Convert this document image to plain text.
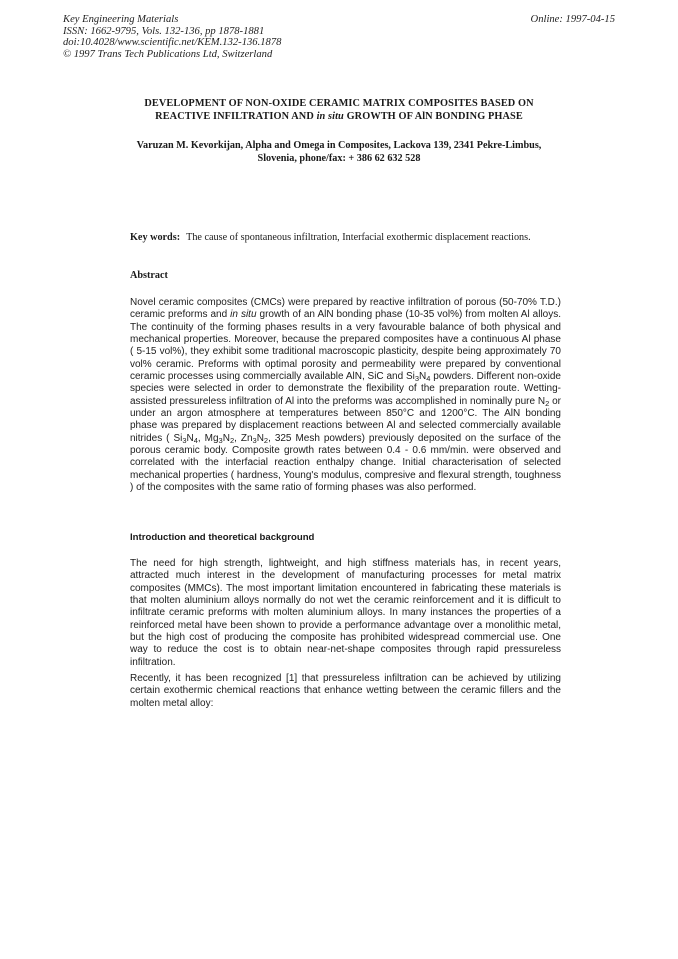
Key Engineering Materials
ISSN: 1662-9795, Vols. 132-136, pp 1878-1881
doi:10.4028/www.scientific.net/KEM.132-136.1878
© 1997 Trans Tech Publications Ltd, Switzerland
Online: 1997-04-15
DEVELOPMENT OF NON-OXIDE CERAMIC MATRIX COMPOSITES BASED ON
REACTIVE INFILTRATION AND in situ GROWTH OF AlN BONDING PHASE
Varuzan M. Kevorkijan, Alpha and Omega in Composites, Lackova 139, 2341 Pekre-Limbus,
Slovenia, phone/fax: + 386 62 632 528
Key words: The cause of spontaneous infiltration, Interfacial exothermic displacement reactions.
Abstract
Novel ceramic composites (CMCs) were prepared by reactive infiltration of porous (50-70% T.D.) ceramic preforms and in situ growth of an AlN bonding phase (10-35 vol%) from molten Al alloys. The continuity of the forming phases results in a very favourable balance of both physical and mechanical properties. Moreover, because the prepared composites have a continuous Al phase ( 5-15 vol%), they exhibit some traditional macroscopic plasticity, despite being approximately 70 vol% ceramic. Preforms with optimal porosity and permeability were prepared by conventional ceramic processes using commercially available AlN, SiC and $Si_3N_4$ powders. Different non-oxide species were selected in order to demonstrate the flexibility of the preparation route. Wetting-assisted pressureless infiltration of Al into the preforms was accomplished in nominally pure $N_2$ or under an argon atmosphere at temperatures between 850°C and 1200°C. The AlN bonding phase was prepared by displacement reactions between Al and selected commercially available nitrides ( $Si_3N_4$, $Mg_3N_2$, $Zn_3N_2$, 325 Mesh powders) previously deposited on the surface of the porous ceramic body. Composite growth rates between 0.4 - 0.6 mm/min. were observed and correlated with the interfacial reaction enthalpy change. Initial characterisation of selected mechanical properties ( hardness, Young's modulus, compresive and flexural strength, toughness ) of the composites with the same ratio of forming phases was also performed.
Introduction and theoretical background
The need for high strength, lightweight, and high stiffness materials has, in recent years, attracted much interest in the development of manufacturing processes for metal matrix composites (MMCs). The most important limitation encountered in fabricating these materials is that molten aluminium alloys normally do not wet the ceramic reinforcement and it is difficult to infiltrate ceramic preforms with molten aluminium alloys. In many instances the properties of a reinforced metal have been shown to provide a performance advantage over a monolithic metal, but the high cost of producing the composite has prohibited widespread commercial use. One way to reduce the cost is to obtain near-net-shape composites through rapid pressureless infiltration.
Recently, it has been recognized [1] that pressureless infiltration can be achieved by utilizing certain exothermic chemical reactions that enhance wetting between the ceramic fillers and the molten metal alloy:
